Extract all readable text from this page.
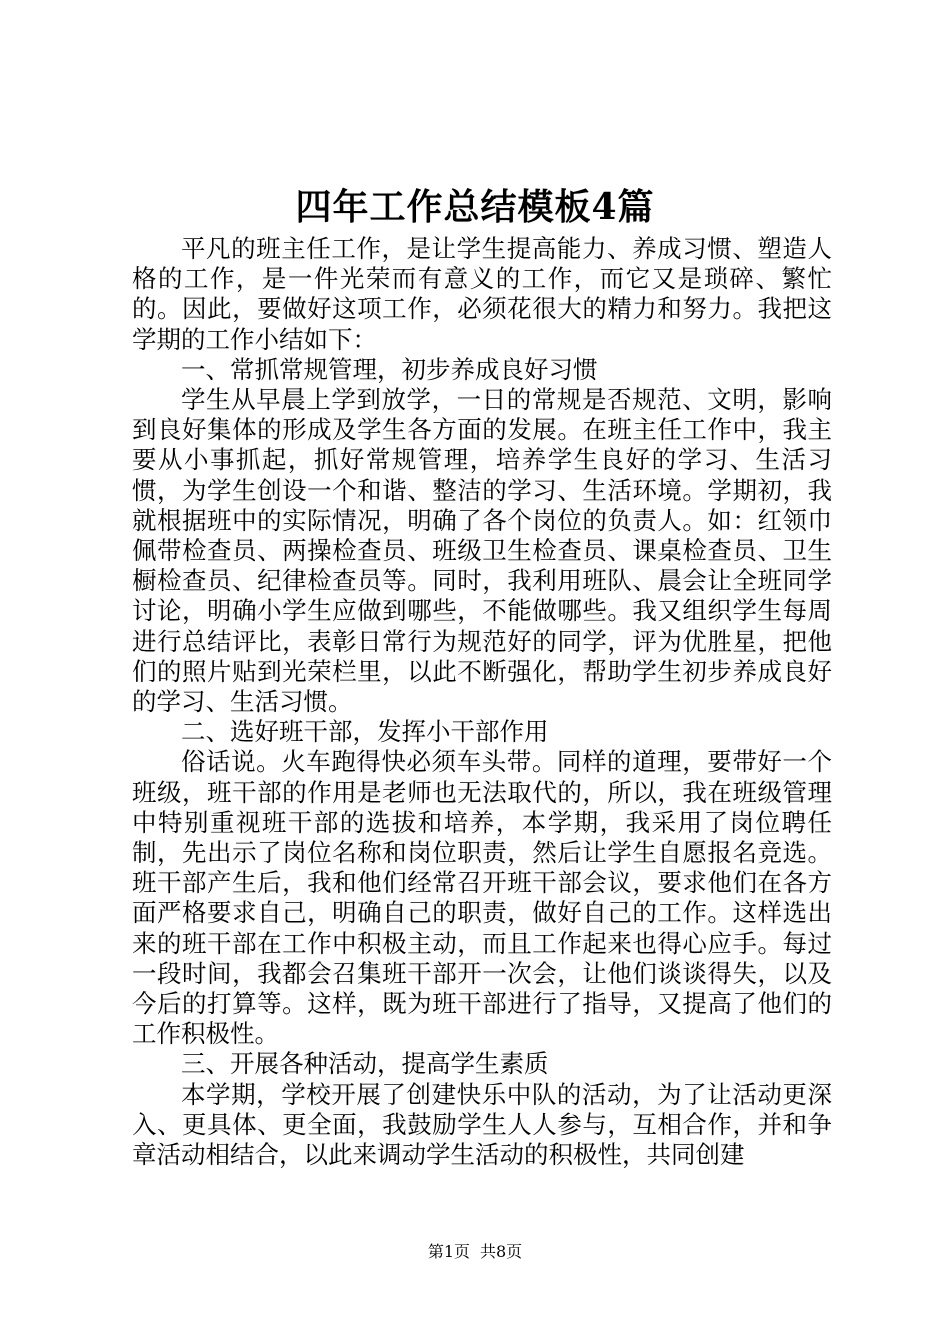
四年工作总结模板4篇

平凡的班主任工作，是让学生提高能力、养成习惯、塑造人格的工作，是一件光荣而有意义的工作，而它又是琐碎、繁忙的。因此，要做好这项工作，必须花很大的精力和努力。我把这学期的工作小结如下：

一、常抓常规管理，初步养成良好习惯

学生从早晨上学到放学，一日的常规是否规范、文明，影响到良好集体的形成及学生各方面的发展。在班主任工作中，我主要从小事抓起，抓好常规管理，培养学生良好的学习、生活习惯，为学生创设一个和谐、整洁的学习、生活环境。学期初，我就根据班中的实际情况，明确了各个岗位的负责人。如：红领巾佩带检查员、两操检查员、班级卫生检查员、课桌检查员、卫生橱检查员、纪律检查员等。同时，我利用班队、晨会让全班同学讨论，明确小学生应做到哪些，不能做哪些。我又组织学生每周进行总结评比，表彰日常行为规范好的同学，评为优胜星，把他们的照片贴到光荣栏里，以此不断强化，帮助学生初步养成良好的学习、生活习惯。

二、选好班干部，发挥小干部作用

俗话说。火车跑得快必须车头带。同样的道理，要带好一个班级，班干部的作用是老师也无法取代的，所以，我在班级管理中特别重视班干部的选拔和培养，本学期，我采用了岗位聘任制，先出示了岗位名称和岗位职责，然后让学生自愿报名竞选。班干部产生后，我和他们经常召开班干部会议，要求他们在各方面严格要求自己，明确自己的职责，做好自己的工作。这样选出来的班干部在工作中积极主动，而且工作起来也得心应手。每过一段时间，我都会召集班干部开一次会，让他们谈谈得失，以及今后的打算等。这样，既为班干部进行了指导，又提高了他们的工作积极性。

三、开展各种活动，提高学生素质

本学期，学校开展了创建快乐中队的活动，为了让活动更深入、更具体、更全面，我鼓励学生人人参与，互相合作，并和争章活动相结合，以此来调动学生活动的积极性，共同创建

第1页 共8页
